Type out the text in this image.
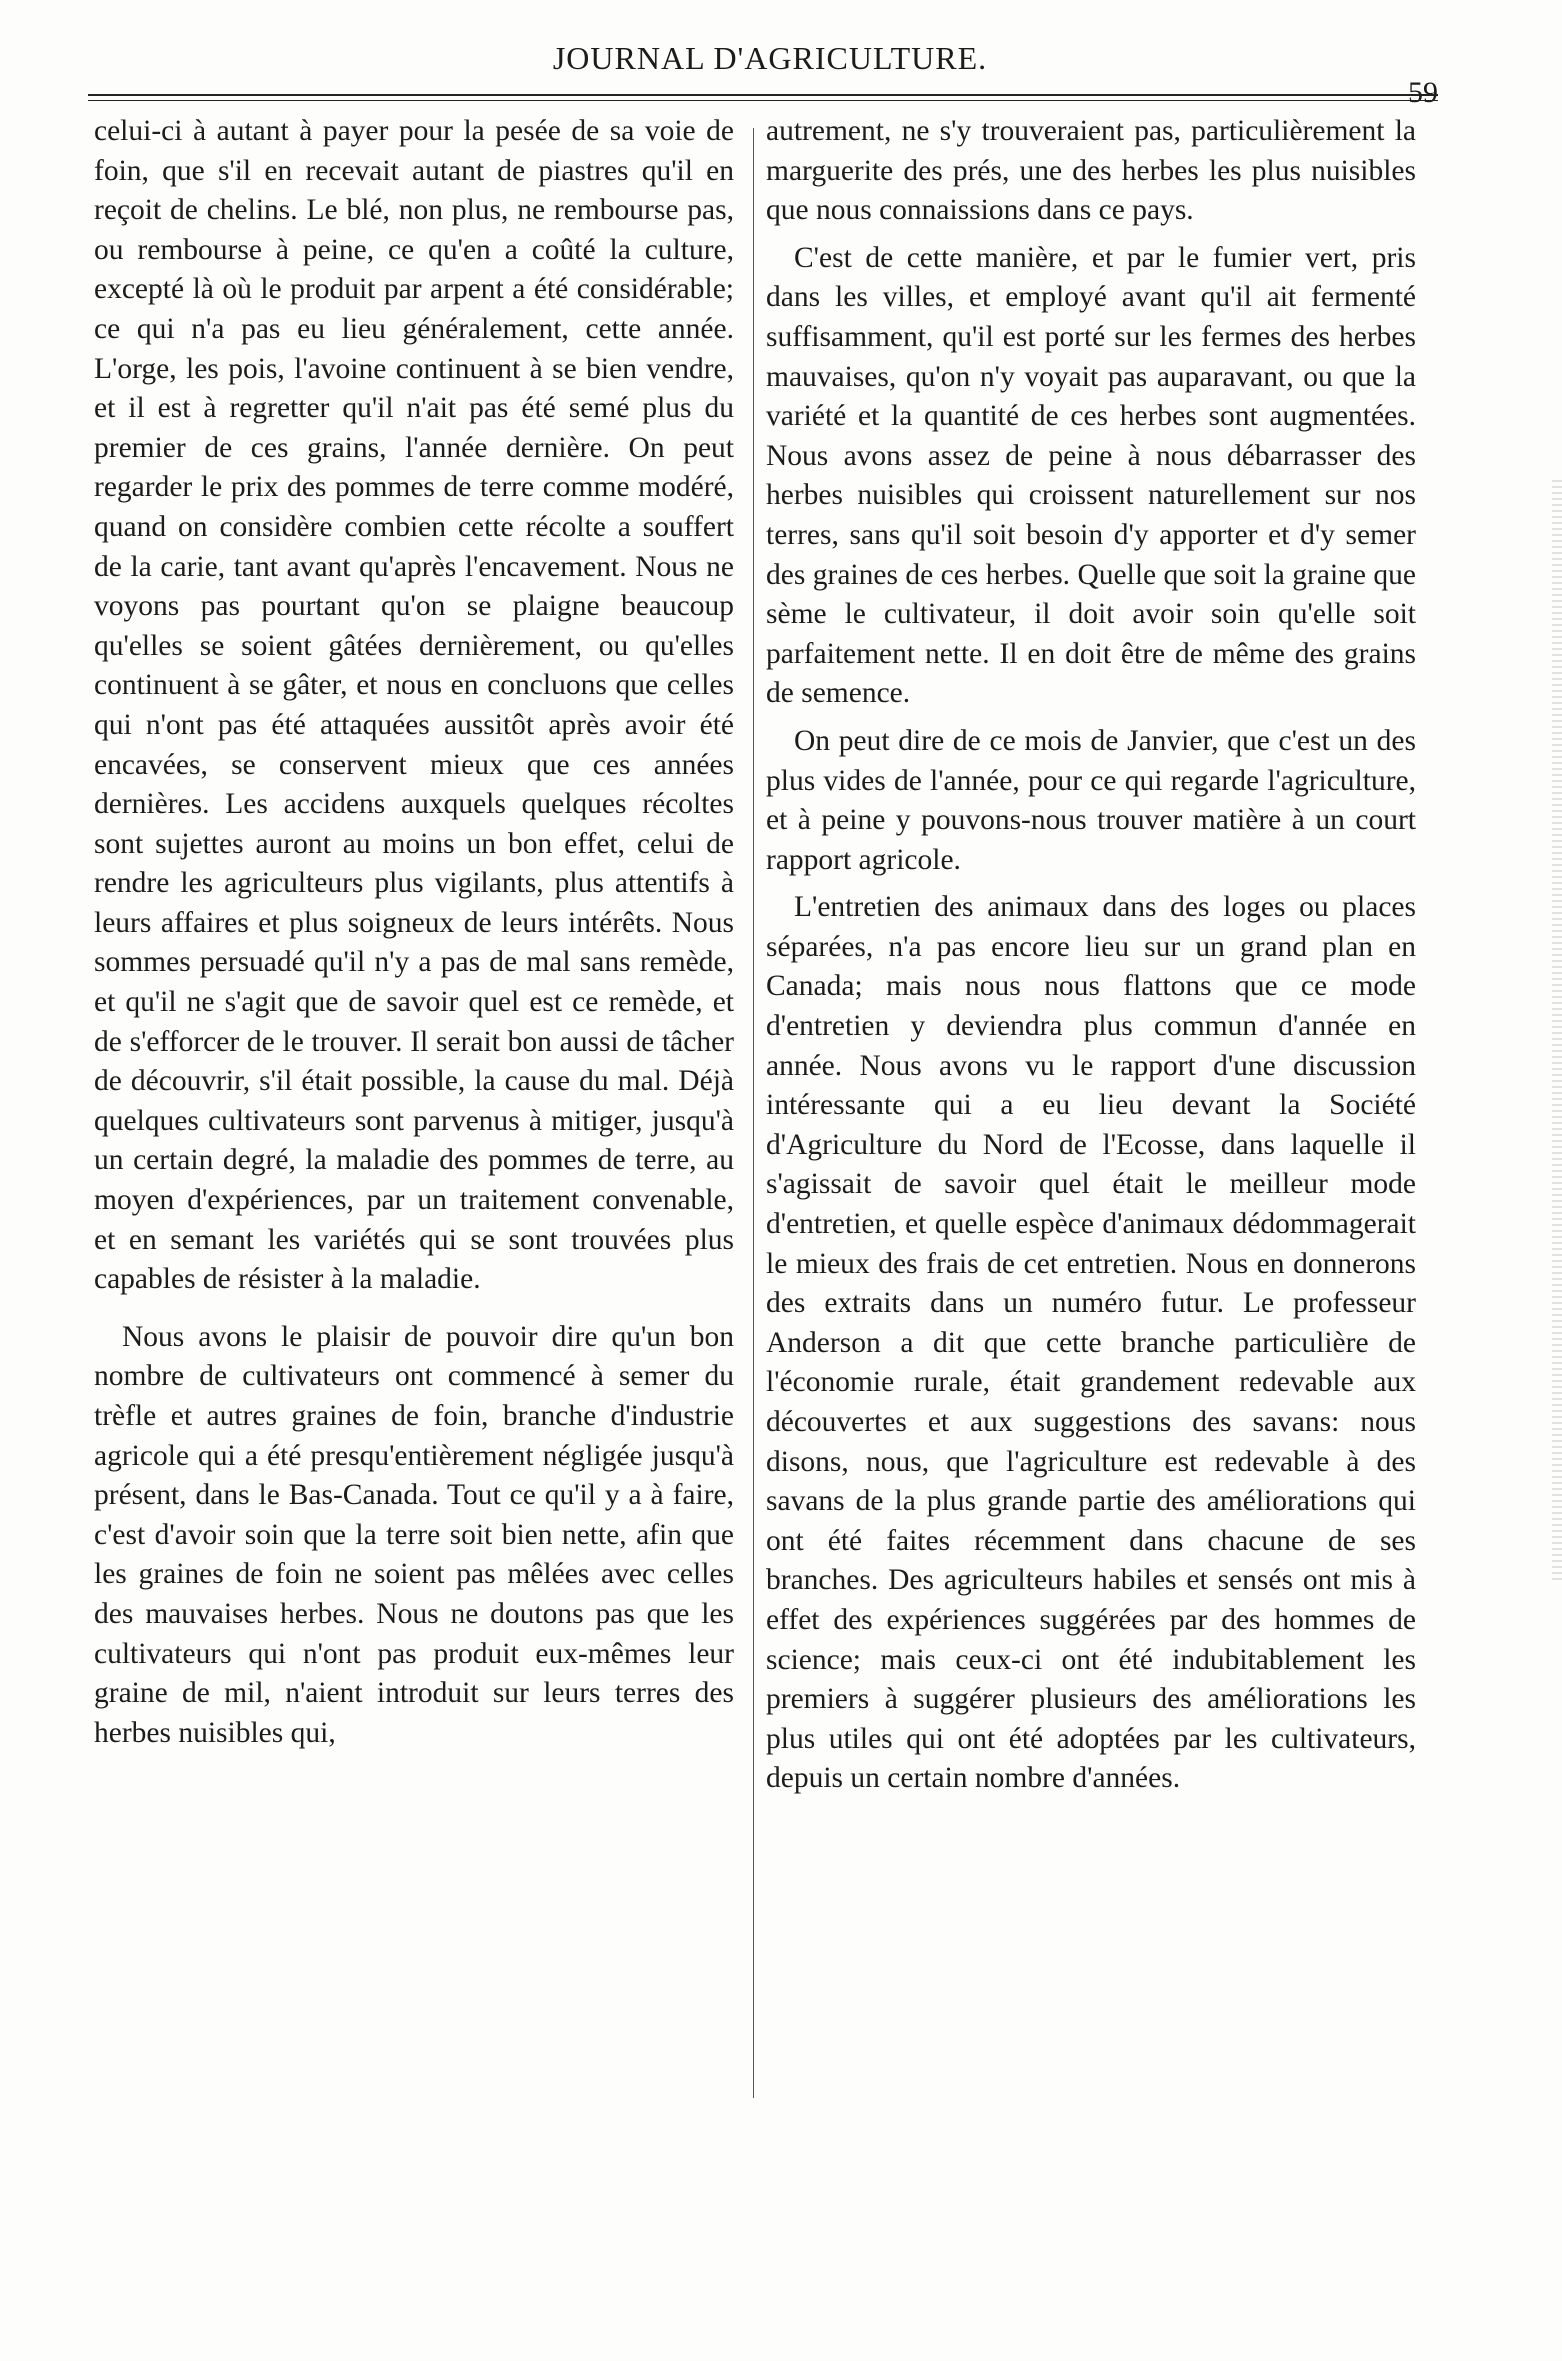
JOURNAL D'AGRICULTURE.
59

celui-ci à autant à payer pour la pesée de sa voie de foin, que s'il en recevait autant de piastres qu'il en reçoit de chelins. Le blé, non plus, ne rembourse pas, ou rembourse à peine, ce qu'en a coûté la culture, excepté là où le produit par arpent a été considérable; ce qui n'a pas eu lieu généralement, cette année. L'orge, les pois, l'avoine continuent à se bien vendre, et il est à regretter qu'il n'ait pas été semé plus du premier de ces grains, l'année dernière. On peut regarder le prix des pommes de terre comme modéré, quand on considère combien cette récolte a souffert de la carie, tant avant qu'après l'encavement. Nous ne voyons pas pourtant qu'on se plaigne beaucoup qu'elles se soient gâtées dernièrement, ou qu'elles continuent à se gâter, et nous en concluons que celles qui n'ont pas été attaquées aussitôt après avoir été encavées, se conservent mieux que ces années dernières. Les accidens auxquels quelques récoltes sont sujettes auront au moins un bon effet, celui de rendre les agriculteurs plus vigilants, plus attentifs à leurs affaires et plus soigneux de leurs intérêts. Nous sommes persuadé qu'il n'y a pas de mal sans remède, et qu'il ne s'agit que de savoir quel est ce remède, et de s'efforcer de le trouver. Il serait bon aussi de tâcher de découvrir, s'il était possible, la cause du mal. Déjà quelques cultivateurs sont parvenus à mitiger, jusqu'à un certain degré, la maladie des pommes de terre, au moyen d'expériences, par un traitement convenable, et en semant les variétés qui se sont trouvées plus capables de résister à la maladie.

Nous avons le plaisir de pouvoir dire qu'un bon nombre de cultivateurs ont commencé à semer du trèfle et autres graines de foin, branche d'industrie agricole qui a été presqu'entièrement négligée jusqu'à présent, dans le Bas-Canada. Tout ce qu'il y a à faire, c'est d'avoir soin que la terre soit bien nette, afin que les graines de foin ne soient pas mêlées avec celles des mauvaises herbes. Nous ne doutons pas que les cultivateurs qui n'ont pas produit eux-mêmes leur graine de mil, n'aient introduit sur leurs terres des herbes nuisibles qui,

autrement, ne s'y trouveraient pas, particulièrement la marguerite des prés, une des herbes les plus nuisibles que nous connaissions dans ce pays.

C'est de cette manière, et par le fumier vert, pris dans les villes, et employé avant qu'il ait fermenté suffisamment, qu'il est porté sur les fermes des herbes mauvaises, qu'on n'y voyait pas auparavant, ou que la variété et la quantité de ces herbes sont augmentées. Nous avons assez de peine à nous débarrasser des herbes nuisibles qui croissent naturellement sur nos terres, sans qu'il soit besoin d'y apporter et d'y semer des graines de ces herbes. Quelle que soit la graine que sème le cultivateur, il doit avoir soin qu'elle soit parfaitement nette. Il en doit être de même des grains de semence.

On peut dire de ce mois de Janvier, que c'est un des plus vides de l'année, pour ce qui regarde l'agriculture, et à peine y pouvons-nous trouver matière à un court rapport agricole.

L'entretien des animaux dans des loges ou places séparées, n'a pas encore lieu sur un grand plan en Canada; mais nous nous flattons que ce mode d'entretien y deviendra plus commun d'année en année. Nous avons vu le rapport d'une discussion intéressante qui a eu lieu devant la Société d'Agriculture du Nord de l'Ecosse, dans laquelle il s'agissait de savoir quel était le meilleur mode d'entretien, et quelle espèce d'animaux dédommagerait le mieux des frais de cet entretien. Nous en donnerons des extraits dans un numéro futur. Le professeur Anderson a dit que cette branche particulière de l'économie rurale, était grandement redevable aux découvertes et aux suggestions des savans: nous disons, nous, que l'agriculture est redevable à des savans de la plus grande partie des améliorations qui ont été faites récemment dans chacune de ses branches. Des agriculteurs habiles et sensés ont mis à effet des expériences suggérées par des hommes de science; mais ceux-ci ont été indubitablement les premiers à suggérer plusieurs des améliorations les plus utiles qui ont été adoptées par les cultivateurs, depuis un certain nombre d'années.
